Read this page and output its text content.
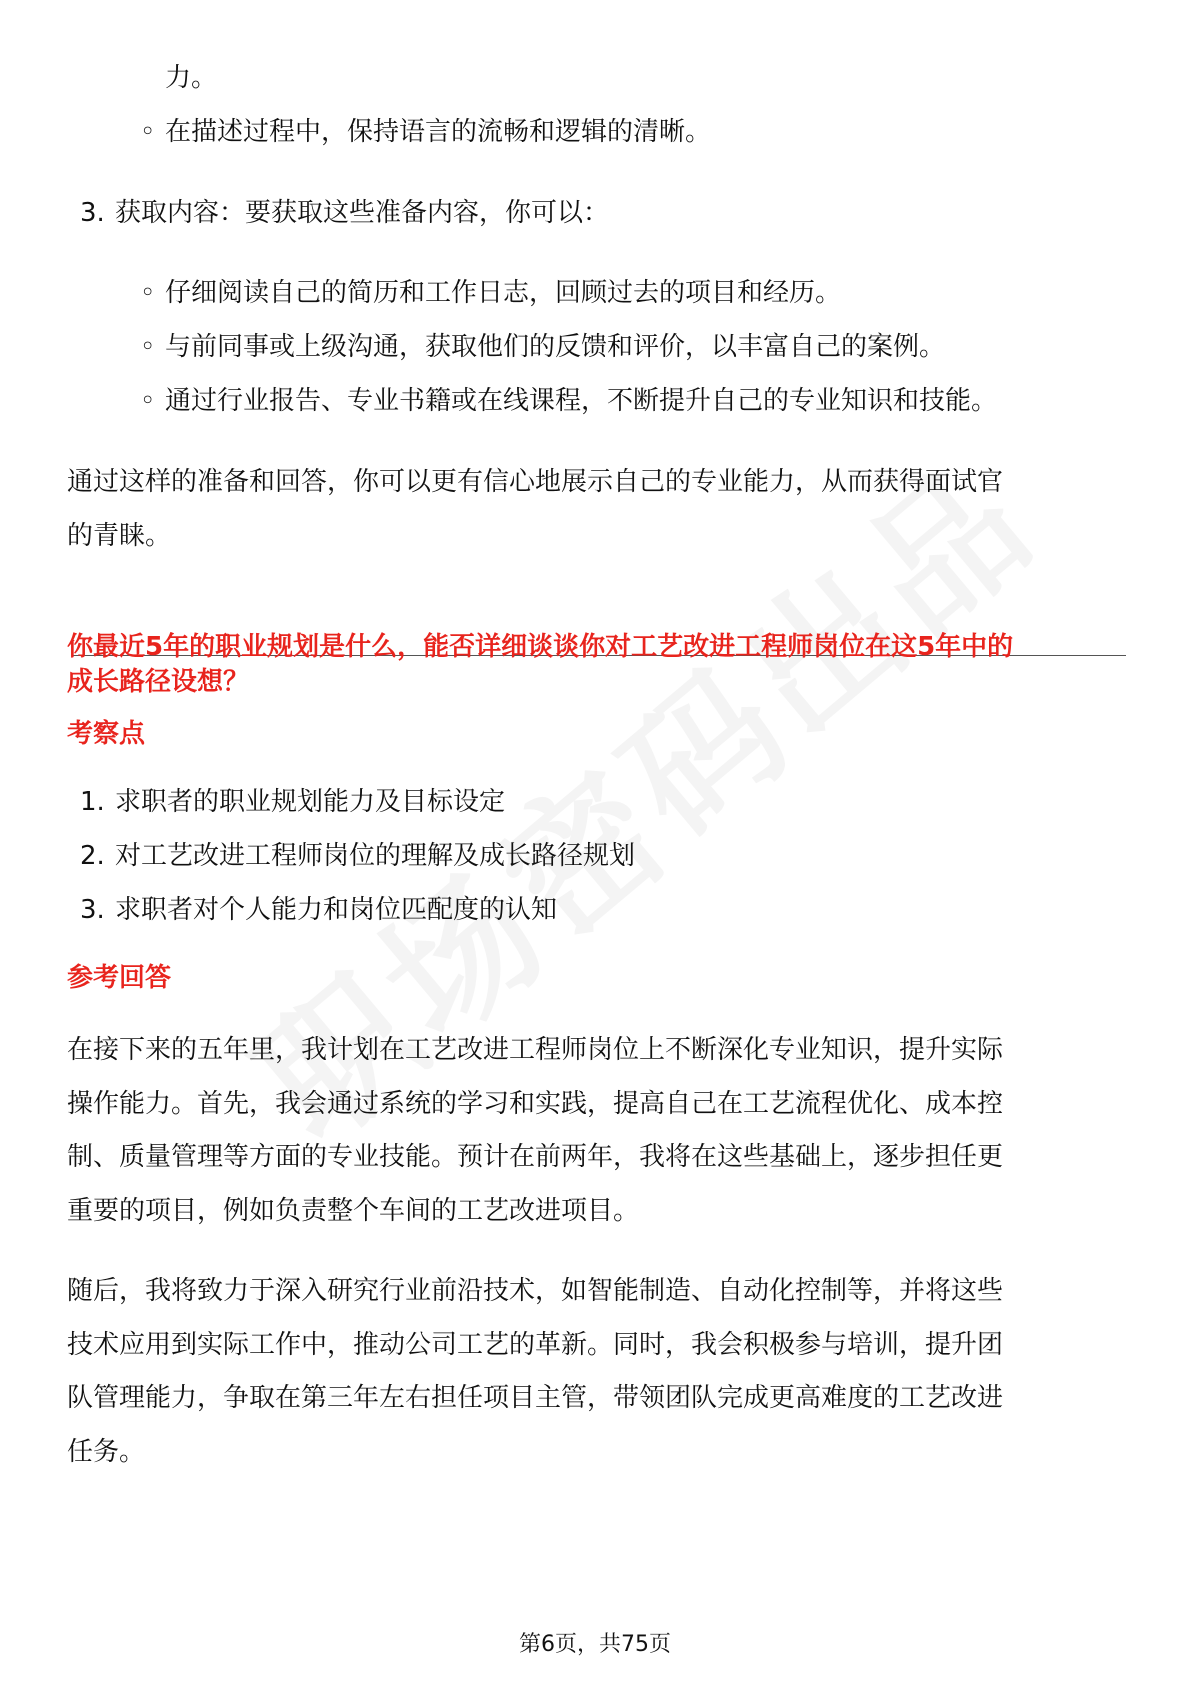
力。
◦ 在描述过程中，保持语言的流畅和逻辑的清晰。
3. 获取内容：要获取这些准备内容，你可以：
◦ 仔细阅读自己的简历和工作日志，回顾过去的项目和经历。
◦ 与前同事或上级沟通，获取他们的反馈和评价，以丰富自己的案例。
◦ 通过行业报告、专业书籍或在线课程，不断提升自己的专业知识和技能。
通过这样的准备和回答，你可以更有信心地展示自己的专业能力，从而获得面试官
的青睐。
你最近5年的职业规划是什么，能否详细谈谈你对工艺改进工程师岗位在这5年中的
成长路径设想？
考察点
1. 求职者的职业规划能力及目标设定
2. 对工艺改进工程师岗位的理解及成长路径规划
3. 求职者对个人能力和岗位匹配度的认知
参考回答
在接下来的五年里，我计划在工艺改进工程师岗位上不断深化专业知识，提升实际
操作能力。首先，我会通过系统的学习和实践，提高自己在工艺流程优化、成本控
制、质量管理等方面的专业技能。预计在前两年，我将在这些基础上，逐步担任更
重要的项目，例如负责整个车间的工艺改进项目。
随后，我将致力于深入研究行业前沿技术，如智能制造、自动化控制等，并将这些
技术应用到实际工作中，推动公司工艺的革新。同时，我会积极参与培训，提升团
队管理能力，争取在第三年左右担任项目主管，带领团队完成更高难度的工艺改进
任务。
第6页，共75页
